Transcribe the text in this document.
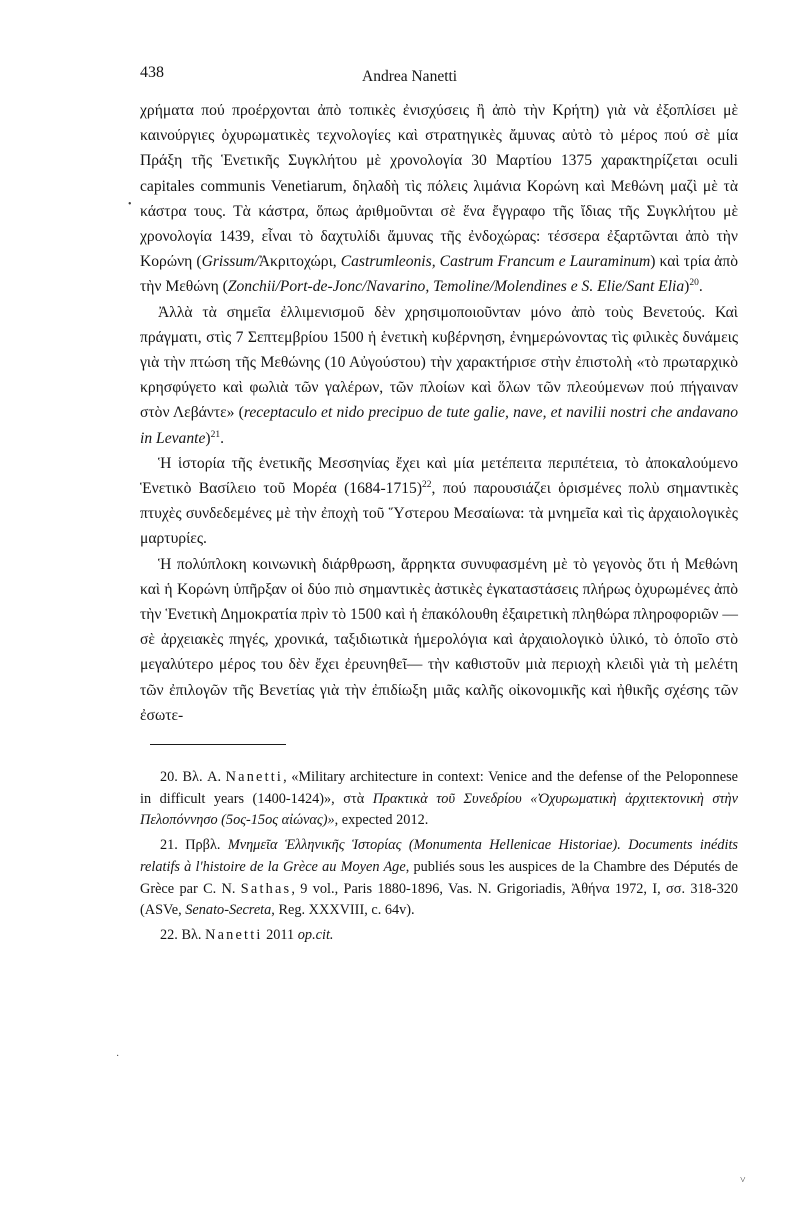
438	Andrea Nanetti

χρήματα πού προέρχονται ἀπὸ τοπικὲς ἐνισχύσεις ἢ ἀπὸ τὴν Κρήτη) γιὰ νὰ ἐξοπλίσει μὲ καινούργιες ὀχυρωματικὲς τεχνολογίες καὶ στρατηγικὲς ἄμυνας αὐτὸ τὸ μέρος πού σὲ μία Πράξη τῆς Ἑνετικῆς Συγκλήτου μὲ χρονολογία 30 Μαρτίου 1375 χαρακτηρίζεται oculi capitales communis Venetiarum, δηλαδὴ τὶς πόλεις λιμάνια Κορώνη καὶ Μεθώνη μαζὶ μὲ τὰ κάστρα τους. Τὰ κάστρα, ὅπως ἀριθμοῦνται σὲ ἕνα ἔγγραφο τῆς ἴδιας τῆς Συγκλήτου μὲ χρονολογία 1439, εἶναι τὸ δαχτυλίδι ἄμυνας τῆς ἐνδοχώρας: τέσσερα ἐξαρτῶνται ἀπὸ τὴν Κορώνη (Grissum/Ἀκριτοχώρι, Castrumleonis, Castrum Francum e Lauraminum) καὶ τρία ἀπὸ τὴν Μεθώνη (Zonchii/Port-de-Jonc/Navarino, Temoline/Molendines e S. Elie/Sant Elia)$^{20}$.

Ἀλλὰ τὰ σημεῖα ἐλλιμενισμοῦ δὲν χρησιμοποιοῦνταν μόνο ἀπὸ τοὺς Βενετούς. Καὶ πράγματι, στὶς 7 Σεπτεμβρίου 1500 ἡ ἑνετικὴ κυβέρνηση, ἐνημερώνοντας τὶς φιλικὲς δυνάμεις γιὰ τὴν πτώση τῆς Μεθώνης (10 Αὐγούστου) τὴν χαρακτήρισε στὴν ἐπιστολὴ «τὸ πρωταρχικὸ κρησφύγετο καὶ φωλιὰ τῶν γαλέρων, τῶν πλοίων καὶ ὅλων τῶν πλεούμενων πού πήγαιναν στὸν Λεβάντε» (receptaculo et nido precipuo de tute galie, nave, et navilii nostri che andavano in Levante)$^{21}$.

Ἡ ἱστορία τῆς ἑνετικῆς Μεσσηνίας ἔχει καὶ μία μετέπειτα περιπέτεια, τὸ ἀποκαλούμενο Ἑνετικὸ Βασίλειο τοῦ Μορέα (1684-1715)$^{22}$, πού παρουσιάζει ὁρισμένες πολὺ σημαντικὲς πτυχὲς συνδεδεμένες μὲ τὴν ἐποχὴ τοῦ Ὕστερου Μεσαίωνα: τὰ μνημεῖα καὶ τὶς ἀρχαιολογικὲς μαρτυρίες.

Ἡ πολύπλοκη κοινωνικὴ διάρθρωση, ἄρρηκτα συνυφασμένη μὲ τὸ γεγονὸς ὅτι ἡ Μεθώνη καὶ ἡ Κορώνη ὑπῆρξαν οἱ δύο πιὸ σημαντικὲς ἀστικὲς ἐγκαταστάσεις πλήρως ὀχυρωμένες ἀπὸ τὴν Ἑνετικὴ Δημοκρατία πρὶν τὸ 1500 καὶ ἡ ἐπακόλουθη ἐξαιρετικὴ πληθώρα πληροφοριῶν —σὲ ἀρχειακὲς πηγές, χρονικά, ταξιδιωτικὰ ἡμερολόγια καὶ ἀρχαιολογικὸ ὑλικό, τὸ ὁποῖο στὸ μεγαλύτερο μέρος του δὲν ἔχει ἐρευνηθεῖ— τὴν καθιστοῦν μιὰ περιοχὴ κλειδὶ γιὰ τὴ μελέτη τῶν ἐπιλογῶν τῆς Βενετίας γιὰ τὴν ἐπιδίωξη μιᾶς καλῆς οἰκονομικῆς καὶ ἠθικῆς σχέσης τῶν ἐσωτε-

20. Βλ. A. Nanetti, «Military architecture in context: Venice and the defense of the Peloponnese in difficult years (1400-1424)», στὰ Πρακτικὰ τοῦ Συνεδρίου «Ὀχυρωματικὴ ἀρχιτεκτονικὴ στὴν Πελοπόννησο (5ος-15ος αἰώνας)», expected 2012.

21. Πρβλ. Μνημεῖα Ἑλληνικῆς Ἱστορίας (Monumenta Hellenicae Historiae). Documents inédits relatifs à l'histoire de la Grèce au Moyen Age, publiés sous les auspices de la Chambre des Députés de Grèce par C. N. Sathas, 9 vol., Paris 1880-1896, Vas. N. Grigoriadis, Ἀθήνα 1972, I, σσ. 318-320 (ASVe, Senato-Secreta, Reg. XXXVIII, c. 64v).

22. Βλ. Nanetti 2011 op.cit.

•
·
˅
